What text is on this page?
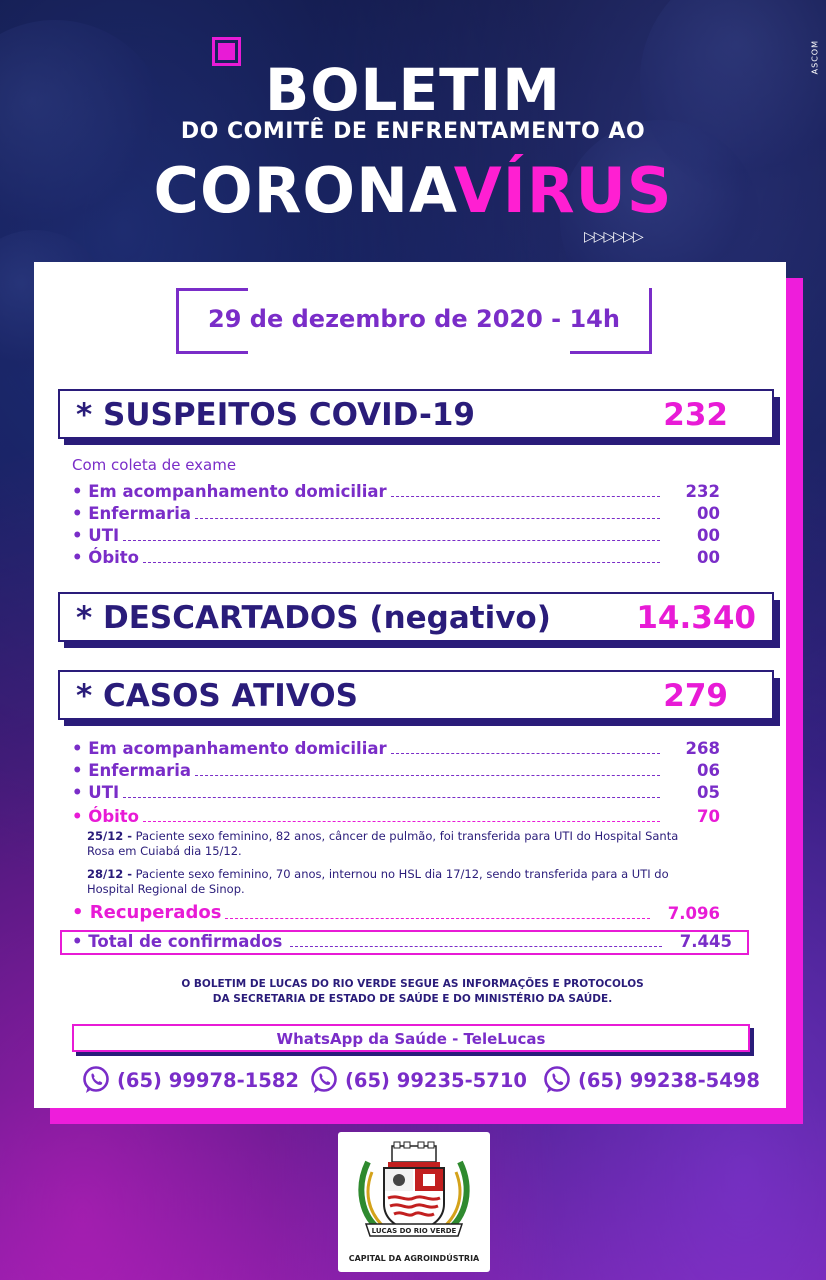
ASCOM
BOLETIM
DO COMITÊ DE ENFRENTAMENTO AO
CORONAVÍRUS
▷▷▷▷▷▷
29 de dezembro de 2020 - 14h
* SUSPEITOS COVID-19	232
Com coleta de exame
• Em acompanhamento domiciliar	232
• Enfermaria	00
• UTI	00
• Óbito	00
* DESCARTADOS (negativo)	14.340
* CASOS ATIVOS	279
• Em acompanhamento domiciliar	268
• Enfermaria	06
• UTI	05
• Óbito	70
25/12 - Paciente sexo feminino, 82 anos, câncer de pulmão, foi transferida para UTI do Hospital Santa Rosa em Cuiabá dia 15/12.
28/12 - Paciente sexo feminino, 70 anos, internou no HSL dia 17/12, sendo transferida para a UTI do Hospital Regional de Sinop.
• Recuperados	7.096
• Total de confirmados	7.445
O BOLETIM DE LUCAS DO RIO VERDE SEGUE AS INFORMAÇÕES E PROTOCOLOS
DA SECRETARIA DE ESTADO DE SAÚDE E DO MINISTÉRIO DA SAÚDE.
WhatsApp da Saúde - TeleLucas
(65) 99978-1582 (65) 99235-5710	(65) 99238-5498
LUCAS DO RIO VERDE
CAPITAL DA AGROINDÚSTRIA
